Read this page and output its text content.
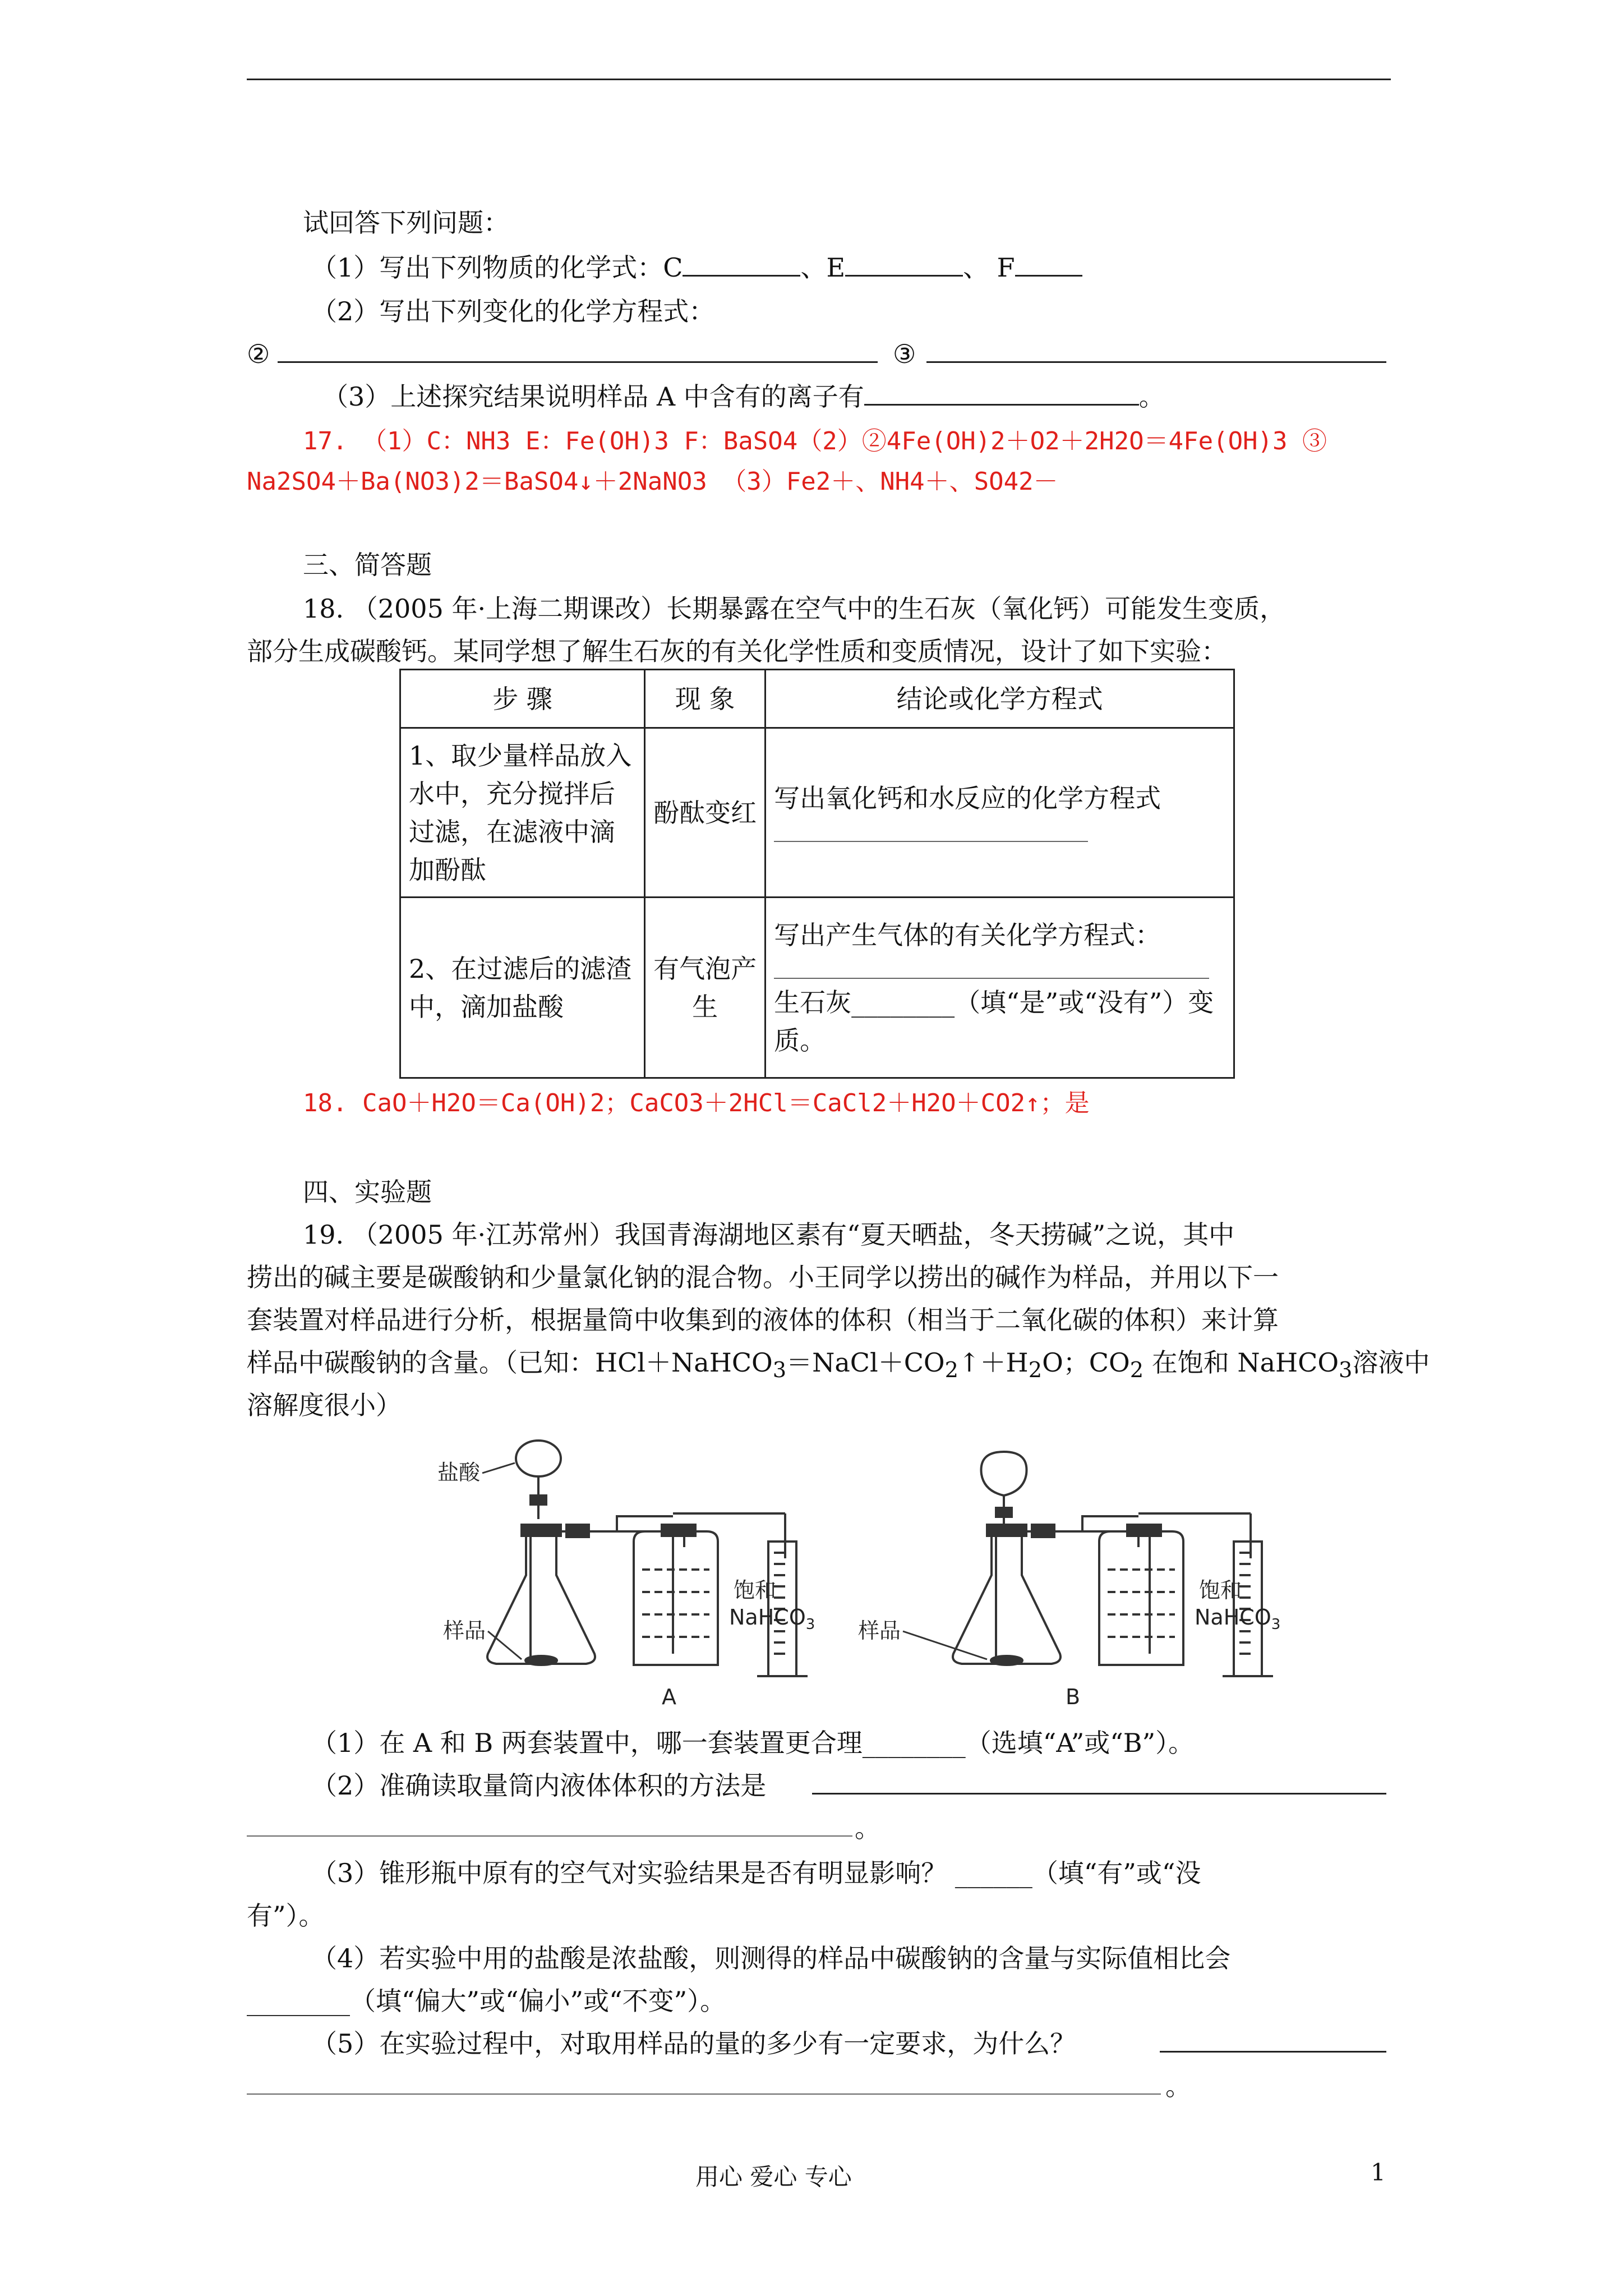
试回答下列问题：
（1）写出下列物质的化学式：C	、E	、 F
（2）写出下列变化的化学方程式：
②	③
（3）上述探究结果说明样品 A 中含有的离子有	。
17. （1）C：NH3 E：Fe(OH)3 F：BaSO4（2）②4Fe(OH)2＋O2＋2H2O＝4Fe(OH)3 ③
Na2SO4＋Ba(NO3)2＝BaSO4↓＋2NaNO3 （3）Fe2＋、NH4＋、SO42－
三、简答题
18. （2005 年·上海二期课改）长期暴露在空气中的生石灰（氧化钙）可能发生变质，
部分生成碳酸钙。某同学想了解生石灰的有关化学性质和变质情况，设计了如下实验：
步 骤	现 象	结论或化学方程式
1、取少量样品放入水中，充分搅拌后过滤，在滤液中滴加酚酞	酚酞变红	写出氧化钙和水反应的化学方程式

2、在过滤后的滤渣中，滴加盐酸	有气泡产生	写出产生气体的有关化学方程式：
生石灰________（填“是”或“没有”）变质。
18. CaO＋H2O＝Ca(OH)2；CaCO3＋2HCl＝CaCl2＋H2O＋CO2↑；是
四、实验题
19. （2005 年·江苏常州）我国青海湖地区素有“夏天晒盐，冬天捞碱”之说，其中
捞出的碱主要是碳酸钠和少量氯化钠的混合物。小王同学以捞出的碱作为样品，并用以下一
套装置对样品进行分析，根据量筒中收集到的液体的体积（相当于二氧化碳的体积）来计算
样品中碳酸钠的含量。（已知：$HCl+NaHCO_3=NaCl+CO_2↑+H_2O$；$CO_2$ 在饱和 NaHCO$_3$溶液中
溶解度很小）
盐酸
样品
饱和
NaHCO$_3$
A
样品
饱和
NaHCO$_3$
B
（1）在 A 和 B 两套装置中，哪一套装置更合理________（选填“A”或“B”）。
（2）准确读取量筒内液体体积的方法是
。
（3）锥形瓶中原有的空气对实验结果是否有明显影响？ ______（填“有”或“没
有”）。
（4）若实验中用的盐酸是浓盐酸，则测得的样品中碳酸钠的含量与实际值相比会
________（填“偏大”或“偏小”或“不变”）。
（5）在实验过程中，对取用样品的量的多少有一定要求，为什么？
。
用心 爱心 专心	1
